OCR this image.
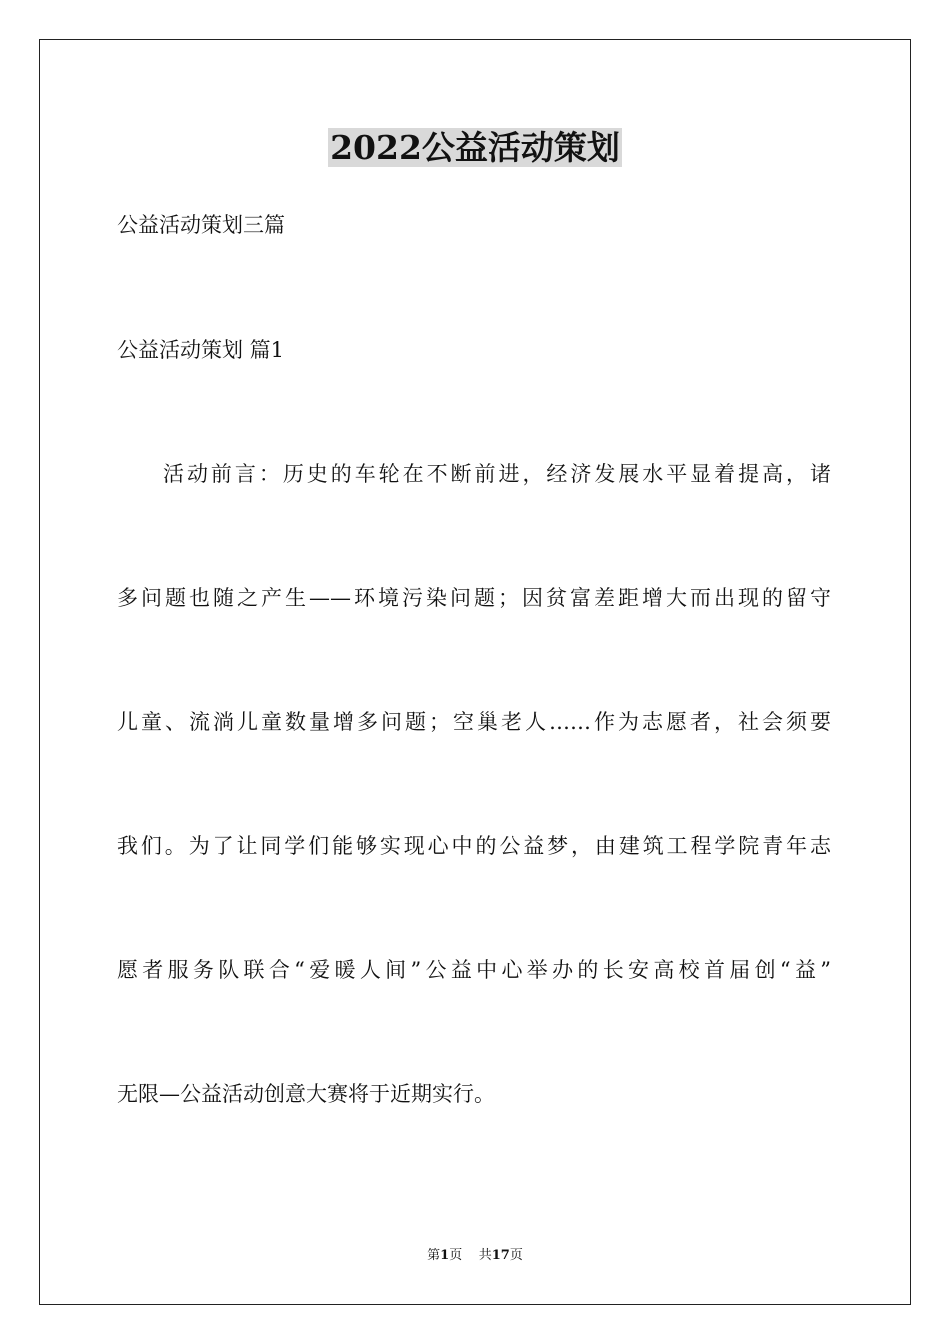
2022公益活动策划
公益活动策划三篇
公益活动策划 篇1
活动前言：历史的车轮在不断前进，经济发展水平显着提高，诸
多问题也随之产生——环境污染问题；因贫富差距增大而出现的留守
儿童、流淌儿童数量增多问题；空巢老人……作为志愿者，社会须要
我们。为了让同学们能够实现心中的公益梦，由建筑工程学院青年志
愿者服务队联合“爱暖人间”公益中心举办的长安高校首届创“益”
无限—公益活动创意大赛将于近期实行。
第1页 共17页
